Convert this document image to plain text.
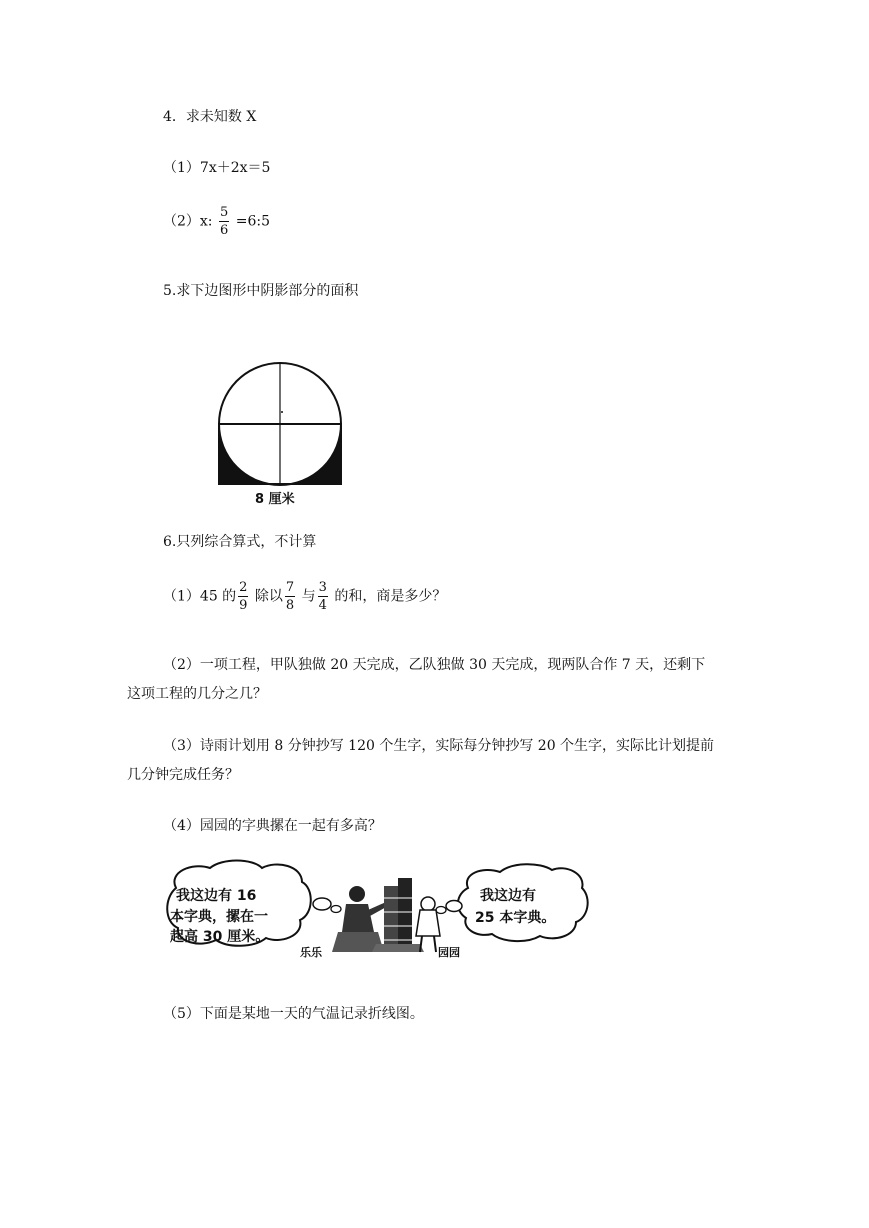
4．求未知数 X
（1）7x＋2x＝5
（2）x: $\frac{5}{6}$ =6:5
5.求下边图形中阴影部分的面积
8 厘米
6.只列综合算式，不计算
（1）45 的 $\frac{2}{9}$ 除以 $\frac{7}{8}$ 与 $\frac{3}{4}$ 的和，商是多少？
（2）一项工程，甲队独做 20 天完成，乙队独做 30 天完成，现两队合作 7 天，还剩下
这项工程的几分之几？
（3）诗雨计划用 8 分钟抄写 120 个生字，实际每分钟抄写 20 个生字，实际比计划提前
几分钟完成任务？
（4）园园的字典摞在一起有多高？
我这边有 16
本字典，摞在一
起高 30 厘米。
我这边有
25 本字典。
乐乐	园园
（5）下面是某地一天的气温记录折线图。
